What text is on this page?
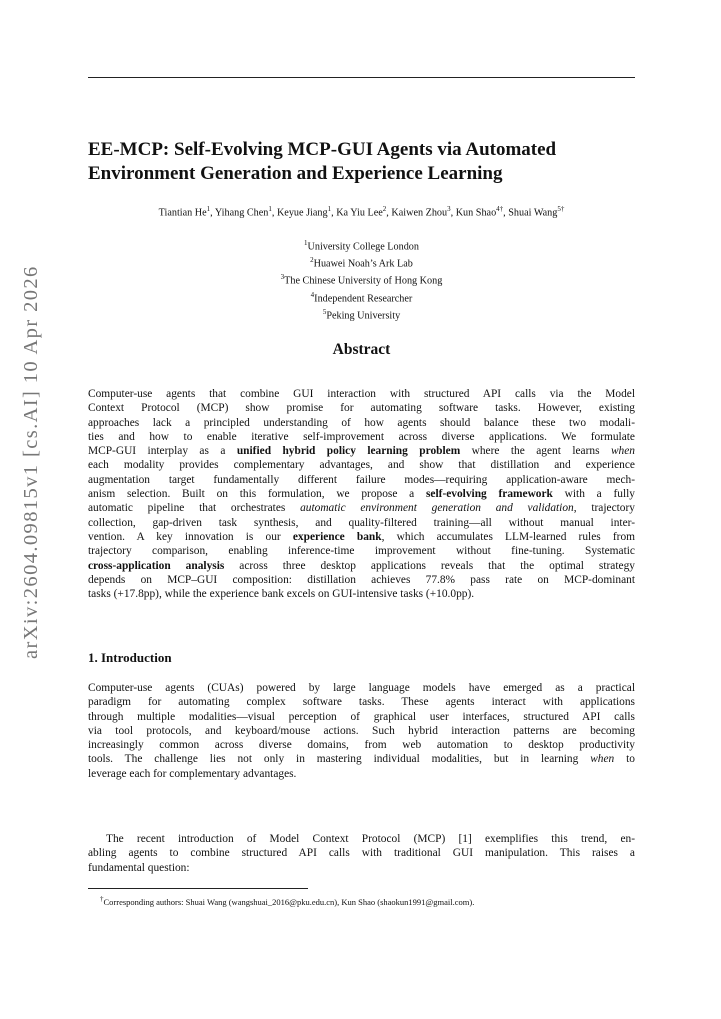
arXiv:2604.09815v1 [cs.AI] 10 Apr 2026
EE-MCP: Self-Evolving MCP-GUI Agents via Automated
Environment Generation and Experience Learning
Tiantian He$^1$, Yihang Chen$^1$, Keyue Jiang$^1$, Ka Yiu Lee$^2$, Kaiwen Zhou$^3$, Kun Shao$^{4\dagger}$, Shuai Wang$^{5\dagger}$
$^1$University College London
$^2$Huawei Noah’s Ark Lab
$^3$The Chinese University of Hong Kong
$^4$Independent Researcher
$^5$Peking University
Abstract
Computer-use agents that combine GUI interaction with structured API calls via the Model
Context Protocol (MCP) show promise for automating software tasks. However, existing
approaches lack a principled understanding of how agents should balance these two modali-
ties and how to enable iterative self-improvement across diverse applications. We formulate
MCP-GUI interplay as a unified hybrid policy learning problem where the agent learns when
each modality provides complementary advantages, and show that distillation and experience
augmentation target fundamentally different failure modes—requiring application-aware mech-
anism selection. Built on this formulation, we propose a self-evolving framework with a fully
automatic pipeline that orchestrates automatic environment generation and validation, trajectory
collection, gap-driven task synthesis, and quality-filtered training—all without manual inter-
vention. A key innovation is our experience bank, which accumulates LLM-learned rules from
trajectory comparison, enabling inference-time improvement without fine-tuning. Systematic
cross-application analysis across three desktop applications reveals that the optimal strategy
depends on MCP–GUI composition: distillation achieves 77.8% pass rate on MCP-dominant
tasks (+17.8pp), while the experience bank excels on GUI-intensive tasks (+10.0pp).
1. Introduction
Computer-use agents (CUAs) powered by large language models have emerged as a practical
paradigm for automating complex software tasks. These agents interact with applications
through multiple modalities—visual perception of graphical user interfaces, structured API calls
via tool protocols, and keyboard/mouse actions. Such hybrid interaction patterns are becoming
increasingly common across diverse domains, from web automation to desktop productivity
tools. The challenge lies not only in mastering individual modalities, but in learning when to
leverage each for complementary advantages.
The recent introduction of Model Context Protocol (MCP) [1] exemplifies this trend, en-
abling agents to combine structured API calls with traditional GUI manipulation. This raises a
fundamental question:
†Corresponding authors: Shuai Wang (wangshuai_2016@pku.edu.cn), Kun Shao (shaokun1991@gmail.com).
